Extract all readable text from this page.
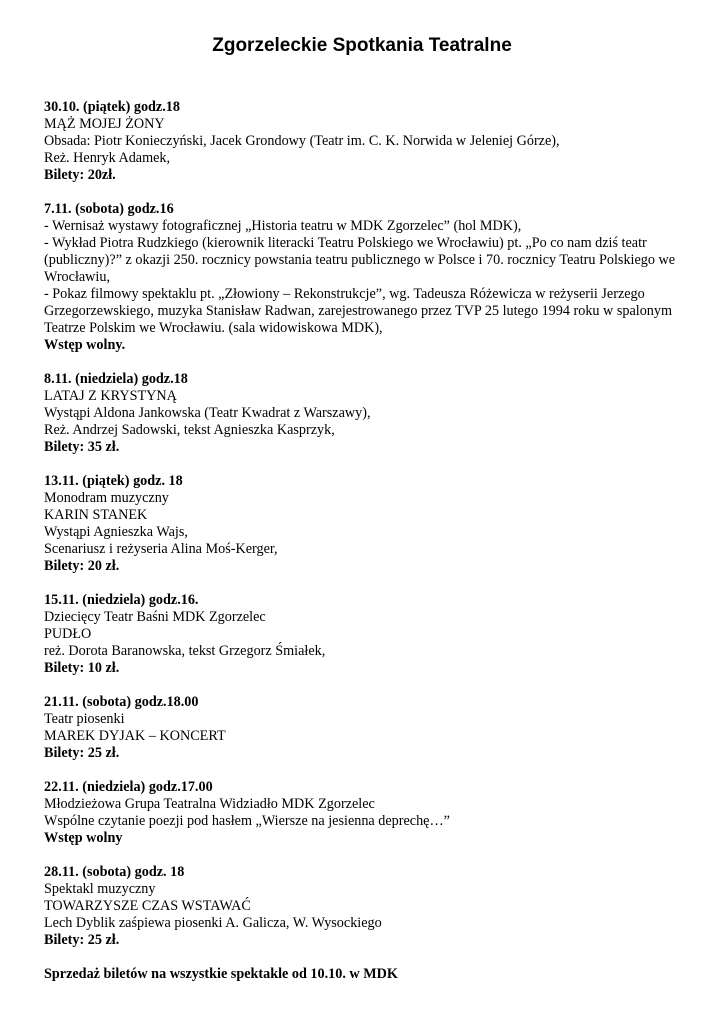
Zgorzeleckie Spotkania Teatralne
30.10. (piątek) godz.18
MĄŻ MOJEJ ŻONY
Obsada: Piotr Konieczyński, Jacek Grondowy (Teatr im. C. K. Norwida w Jeleniej Górze),
Reż. Henryk Adamek,
Bilety: 20zł.
7.11. (sobota) godz.16
- Wernisaż wystawy fotograficznej „Historia teatru w MDK Zgorzelec” (hol MDK),
- Wykład Piotra Rudzkiego (kierownik literacki Teatru Polskiego we Wrocławiu) pt. „Po co nam dziś teatr (publiczny)?” z okazji 250. rocznicy powstania teatru publicznego w Polsce i 70. rocznicy Teatru Polskiego we Wrocławiu,
- Pokaz filmowy spektaklu pt. „Złowiony – Rekonstrukcje”, wg. Tadeusza Różewicza w reżyserii Jerzego Grzegorzewskiego, muzyka Stanisław Radwan, zarejestrowanego przez TVP 25 lutego 1994 roku w spalonym Teatrze Polskim we Wrocławiu. (sala widowiskowa MDK),
Wstęp wolny.
8.11. (niedziela) godz.18
LATAJ Z KRYSTYNĄ
Wystąpi Aldona Jankowska (Teatr Kwadrat z Warszawy),
Reż. Andrzej Sadowski, tekst Agnieszka Kasprzyk,
Bilety: 35 zł.
13.11. (piątek) godz. 18
Monodram muzyczny
KARIN STANEK
Wystąpi Agnieszka Wajs,
Scenariusz i reżyseria Alina Moś-Kerger,
Bilety: 20 zł.
15.11. (niedziela) godz.16.
Dziecięcy Teatr Baśni MDK Zgorzelec
PUDŁO
reż. Dorota Baranowska, tekst Grzegorz Śmiałek,
Bilety: 10 zł.
21.11. (sobota) godz.18.00
Teatr piosenki
MAREK DYJAK – KONCERT
Bilety: 25 zł.
22.11. (niedziela) godz.17.00
Młodzieżowa Grupa Teatralna Widziadło MDK Zgorzelec
Wspólne czytanie poezji pod hasłem „Wiersze na jesienna deprechę…”
Wstęp wolny
28.11. (sobota) godz. 18
Spektakl muzyczny
TOWARZYSZE CZAS WSTAWAĆ
Lech Dyblik zaśpiewa piosenki A. Galicza, W. Wysockiego
Bilety: 25 zł.

Sprzedaż biletów na wszystkie spektakle od 10.10. w MDK
